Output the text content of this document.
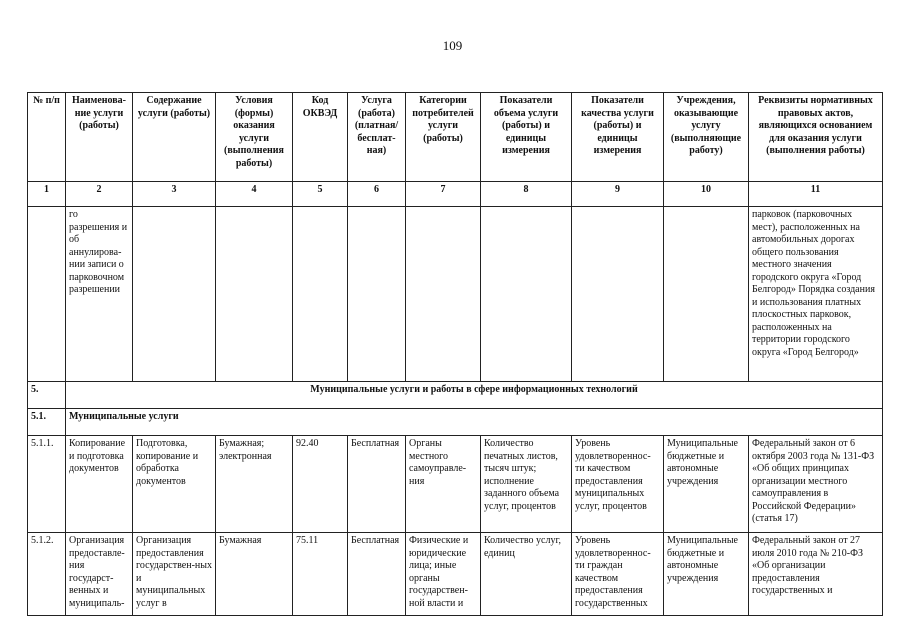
109
№ п/п	Наименова-ние услуги (работы)	Содержание услуги (работы)	Условия (формы) оказания услуги (выполнения работы)	Код ОКВЭД	Услуга (работа) (платная/ бесплат-ная)	Категории потребителей услуги (работы)	Показатели объема услуги (работы) и единицы измерения	Показатели качества услуги (работы) и единицы измерения	Учреждения, оказывающие услугу (выполняющие работу)	Реквизиты нормативных правовых актов, являющихся основанием для оказания услуги (выполнения работы)
1	2	3	4	5	6	7	8	9	10	11
	го разрешения и об аннулирова-нии записи о парковочном разрешении									парковок (парковочных мест), расположенных на автомобильных дорогах общего пользования местного значения городского округа «Город Белгород» Порядка создания и использования платных плоскостных парковок, расположенных на территории городского округа «Город Белгород»
5.	Муниципальные услуги и работы в сфере информационных технологий									
5.1.	Муниципальные услуги									
5.1.1.	Копирование и подготовка документов	Подготовка, копирование и обработка документов	Бумажная; электронная	92.40	Бесплатная	Органы местного самоуправле-ния	Количество печатных листов, тысяч штук; исполнение заданного объема услуг, процентов	Уровень удовлетвореннос-ти качеством предоставления муниципальных услуг, процентов	Муниципальные бюджетные и автономные учреждения	Федеральный закон от 6 октября 2003 года № 131-ФЗ «Об общих принципах организации местного самоуправления в Российской Федерации» (статья 17)
5.1.2.	Организация предоставле-ния государст-венных и муниципаль-	Организация предоставления государствен-ных и муниципальных услуг в	Бумажная	75.11	Бесплатная	Физические и юридические лица; иные органы государствен-ной власти и	Количество услуг, единиц	Уровень удовлетвореннос-ти граждан качеством предоставления государственных	Муниципальные бюджетные и автономные учреждения	Федеральный закон от 27 июля 2010 года № 210-ФЗ «Об организации предоставления государственных и
